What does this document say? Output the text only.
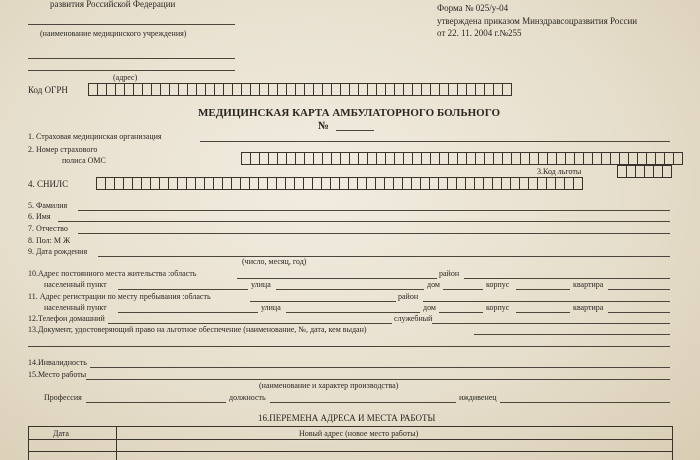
развития Российской Федерации
(наименование медицинского учреждения)
(адрес)
Форма № 025/у-04
утверждена приказом Минздравсоцразвития России
от 22. 11. 2004 г.№255
Код ОГРН
МЕДИЦИНСКАЯ КАРТА АМБУЛАТОРНОГО БОЛЬНОГО
№
1. Страховая медицинская организация
2. Номер страхового
полиса ОМС
4. СНИЛС
3.Код льготы
5. Фамилия
6. Имя
7. Отчество
8. Пол: М Ж
9. Дата рождения
(число, месяц, год)
10.Адрес постоянного места жительства :область	район
населенный пункт	улица	дом	корпус	квартира
11. Адрес регистрации по месту пребывания :область	район
населенный пункт	улица	дом	корпус	квартира
12.Телефон домашний	служебный
13.Документ, удостоверяющий право на льготное обеспечение (наименование, №, дата, кем выдан)
14.Инвалидность
15.Место работы
(наименование и характер производства)
Профессия	должность	иждивенец
16.ПЕРЕМЕНА АДРЕСА И МЕСТА РАБОТЫ
Дата	Новый адрес (новое место работы)
